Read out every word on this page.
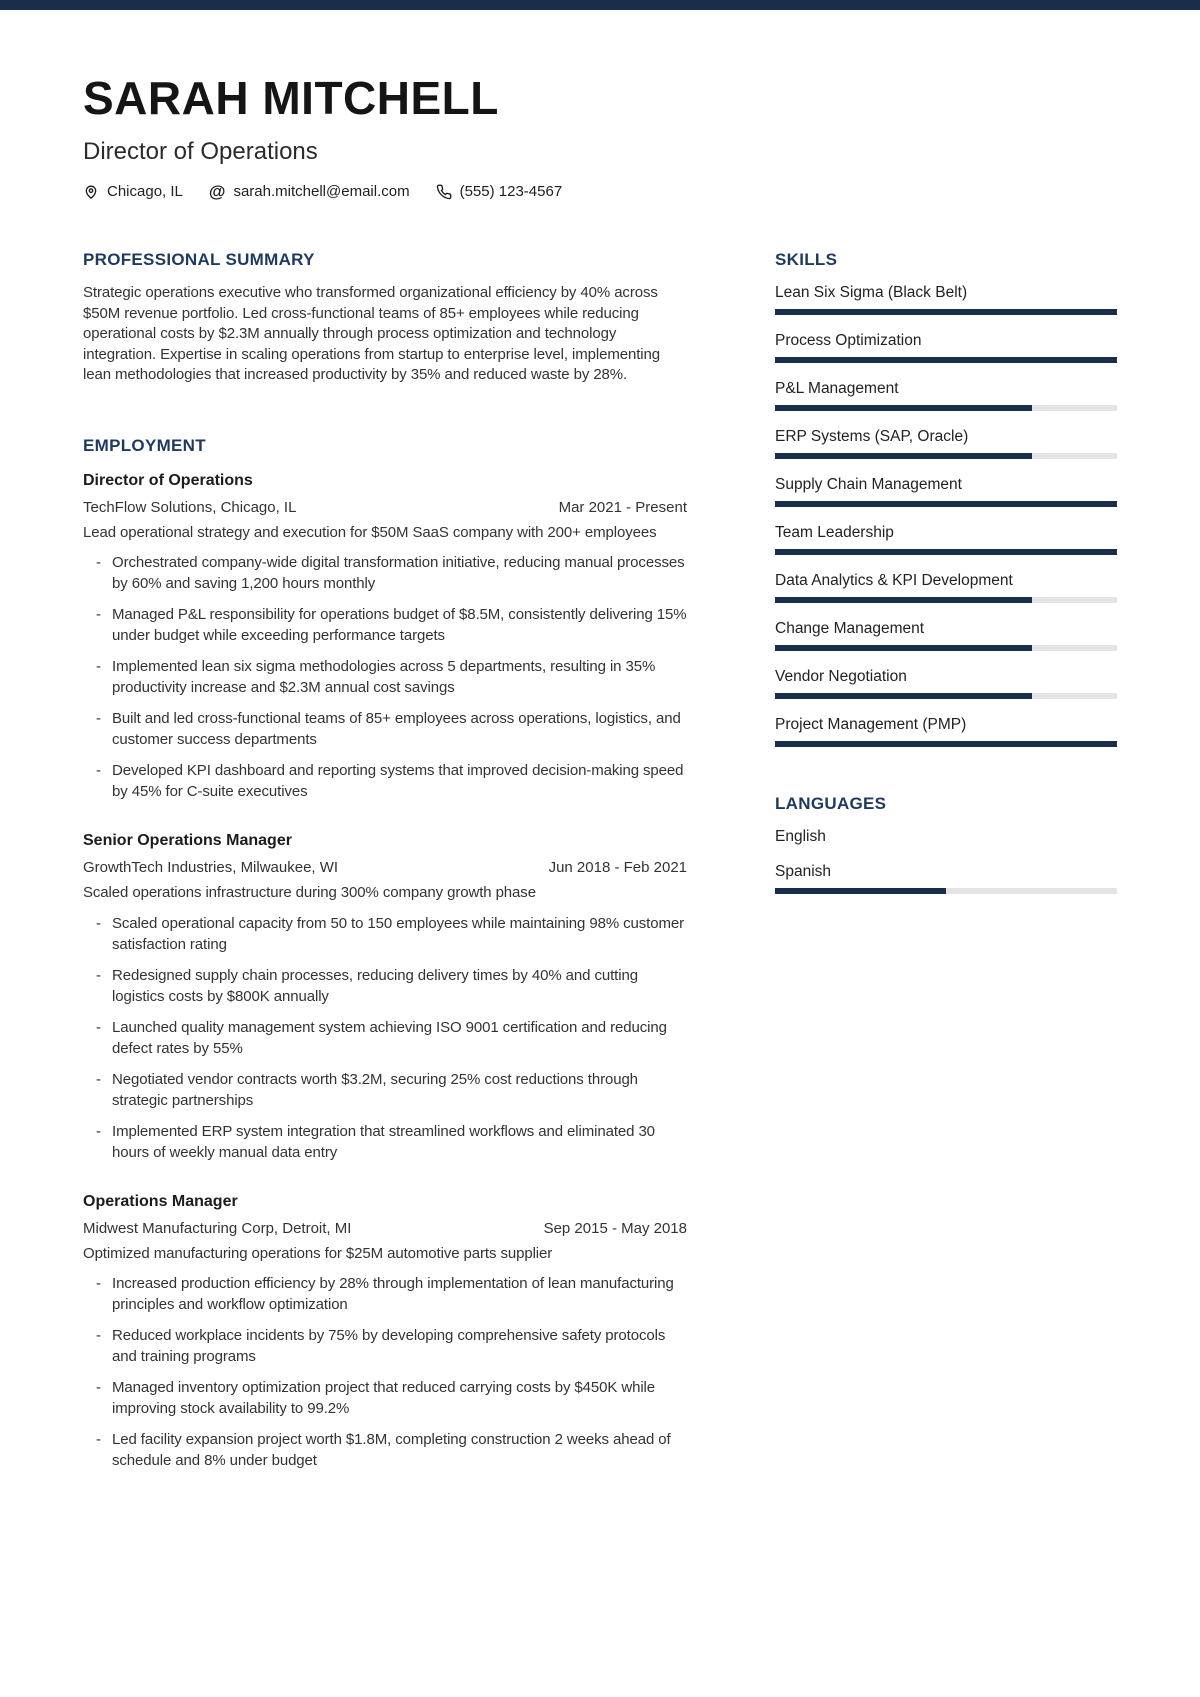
SARAH MITCHELL
Director of Operations
Chicago, IL @ sarah.mitchell@email.com	(555) 123-4567
PROFESSIONAL SUMMARY

Strategic operations executive who transformed organizational efficiency by 40% across $50M revenue portfolio. Led cross-functional teams of 85+ employees while reducing operational costs by $2.3M annually through process optimization and technology integration. Expertise in scaling operations from startup to enterprise level, implementing lean methodologies that increased productivity by 35% and reduced waste by 28%.

EMPLOYMENT
Director of Operations
TechFlow Solutions, Chicago, IL	Mar 2021 - Present

Lead operational strategy and execution for $50M SaaS company with 200+ employees

- Orchestrated company-wide digital transformation initiative, reducing manual processes by 60% and saving 1,200 hours monthly
- Managed P&L responsibility for operations budget of $8.5M, consistently delivering 15% under budget while exceeding performance targets
- Implemented lean six sigma methodologies across 5 departments, resulting in 35% productivity increase and $2.3M annual cost savings
- Built and led cross-functional teams of 85+ employees across operations, logistics, and customer success departments
- Developed KPI dashboard and reporting systems that improved decision-making speed by 45% for C-suite executives
Senior Operations Manager
GrowthTech Industries, Milwaukee, WI	Jun 2018 - Feb 2021

Scaled operations infrastructure during 300% company growth phase

- Scaled operational capacity from 50 to 150 employees while maintaining 98% customer satisfaction rating
- Redesigned supply chain processes, reducing delivery times by 40% and cutting logistics costs by $800K annually
- Launched quality management system achieving ISO 9001 certification and reducing defect rates by 55%
- Negotiated vendor contracts worth $3.2M, securing 25% cost reductions through strategic partnerships
- Implemented ERP system integration that streamlined workflows and eliminated 30 hours of weekly manual data entry
Operations Manager
Midwest Manufacturing Corp, Detroit, MI	Sep 2015 - May 2018

Optimized manufacturing operations for $25M automotive parts supplier

- Increased production efficiency by 28% through implementation of lean manufacturing principles and workflow optimization
- Reduced workplace incidents by 75% by developing comprehensive safety protocols and training programs
- Managed inventory optimization project that reduced carrying costs by $450K while improving stock availability to 99.2%
- Led facility expansion project worth $1.8M, completing construction 2 weeks ahead of schedule and 8% under budget
SKILLS
Lean Six Sigma (Black Belt)
Process Optimization
P&L Management
ERP Systems (SAP, Oracle)
Supply Chain Management
Team Leadership
Data Analytics & KPI Development
Change Management
Vendor Negotiation
Project Management (PMP)
LANGUAGES
English
Spanish
